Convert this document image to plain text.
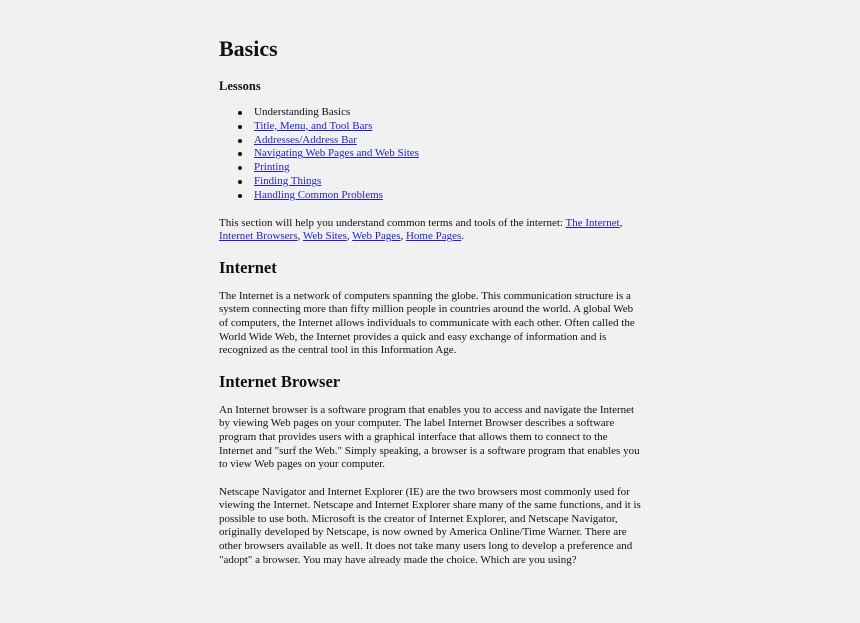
Basics
Lessons
Understanding Basics
Title, Menu, and Tool Bars
Addresses/Address Bar
Navigating Web Pages and Web Sites
Printing
Finding Things
Handling Common Problems

This section will help you understand common terms and tools of the internet: The Internet, Internet Browsers, Web Sites, Web Pages, Home Pages.

Internet

The Internet is a network of computers spanning the globe. This communication structure is a system connecting more than fifty million people in countries around the world. A global Web of computers, the Internet allows individuals to communicate with each other. Often called the World Wide Web, the Internet provides a quick and easy exchange of information and is recognized as the central tool in this Information Age.

Internet Browser

An Internet browser is a software program that enables you to access and navigate the Internet by viewing Web pages on your computer. The label Internet Browser describes a software program that provides users with a graphical interface that allows them to connect to the Internet and "surf the Web." Simply speaking, a browser is a software program that enables you to view Web pages on your computer.

Netscape Navigator and Internet Explorer (IE) are the two browsers most commonly used for viewing the Internet. Netscape and Internet Explorer share many of the same functions, and it is possible to use both. Microsoft is the creator of Internet Explorer, and Netscape Navigator, originally developed by Netscape, is now owned by America Online/Time Warner. There are other browsers available as well. It does not take many users long to develop a preference and "adopt" a browser. You may have already made the choice. Which are you using?
